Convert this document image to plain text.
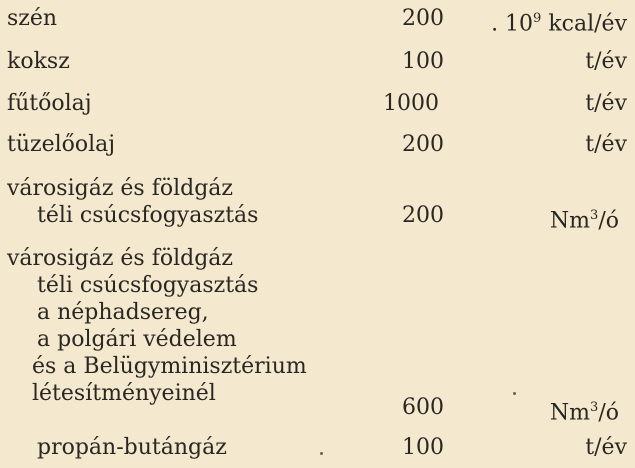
szén	200	. $10^9$ kcal/év
koksz	100	t/év
fűtőolaj	1000	t/év
tüzelőolaj	200	t/év
városigáz és földgáz
téli csúcsfogyasztás	200	Nm$^3$/ó
városigáz és földgáz
téli csúcsfogyasztás
a néphadsereg,
a polgári védelem
és a Belügyminisztérium
létesítményeinél
600	Nm$^3$/ó
propán-butángáz	100	t/év
